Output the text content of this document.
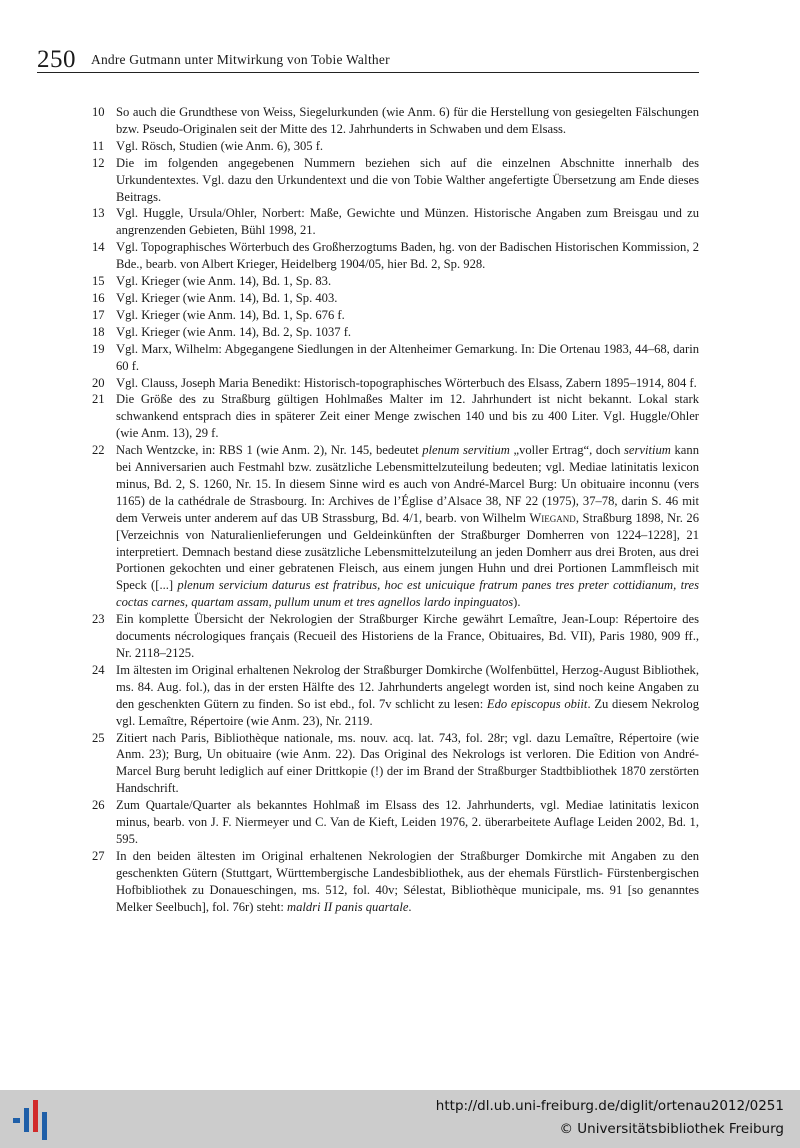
250 Andre Gutmann unter Mitwirkung von Tobie Walther
10 So auch die Grundthese von Weiss, Siegelurkunden (wie Anm. 6) für die Herstellung von gesiegelten Fälschungen bzw. Pseudo-Originalen seit der Mitte des 12. Jahrhunderts in Schwaben und dem Elsass.
11 Vgl. Rösch, Studien (wie Anm. 6), 305 f.
12 Die im folgenden angegebenen Nummern beziehen sich auf die einzelnen Abschnitte innerhalb des Urkundentextes. Vgl. dazu den Urkundentext und die von Tobie Walther angefertigte Übersetzung am Ende dieses Beitrags.
13 Vgl. Huggle, Ursula/Ohler, Norbert: Maße, Gewichte und Münzen. Historische Angaben zum Breisgau und zu angrenzenden Gebieten, Bühl 1998, 21.
14 Vgl. Topographisches Wörterbuch des Großherzogtums Baden, hg. von der Badischen Historischen Kommission, 2 Bde., bearb. von Albert Krieger, Heidelberg 1904/05, hier Bd. 2, Sp. 928.
15 Vgl. Krieger (wie Anm. 14), Bd. 1, Sp. 83.
16 Vgl. Krieger (wie Anm. 14), Bd. 1, Sp. 403.
17 Vgl. Krieger (wie Anm. 14), Bd. 1, Sp. 676 f.
18 Vgl. Krieger (wie Anm. 14), Bd. 2, Sp. 1037 f.
19 Vgl. Marx, Wilhelm: Abgegangene Siedlungen in der Altenheimer Gemarkung. In: Die Ortenau 1983, 44–68, darin 60 f.
20 Vgl. Clauss, Joseph Maria Benedikt: Historisch-topographisches Wörterbuch des Elsass, Zabern 1895–1914, 804 f.
21 Die Größe des zu Straßburg gültigen Hohlmaßes Malter im 12. Jahrhundert ist nicht bekannt. Lokal stark schwankend entsprach dies in späterer Zeit einer Menge zwischen 140 und bis zu 400 Liter. Vgl. Huggle/Ohler (wie Anm. 13), 29 f.
22 Nach Wentzcke, in: RBS 1 (wie Anm. 2), Nr. 145, bedeutet plenum servitium „voller Ertrag“, doch servitium kann bei Anniversarien auch Festmahl bzw. zusätzliche Lebensmittelzuteilung bedeuten; vgl. Mediae latinitatis lexicon minus, Bd. 2, S. 1260, Nr. 15. In diesem Sinne wird es auch von André-Marcel Burg: Un obituaire inconnu (vers 1165) de la cathédrale de Strasbourg. In: Archives de l’Église d’Alsace 38, NF 22 (1975), 37–78, darin S. 46 mit dem Verweis unter anderem auf das UB Strassburg, Bd. 4/1, bearb. von Wilhelm Wiegand, Straßburg 1898, Nr. 26 [Verzeichnis von Naturalienlieferungen und Geldeinkünften der Straßburger Domherren von 1224–1228], 21 interpretiert. Demnach bestand diese zusätzliche Lebensmittelzuteilung an jeden Domherr aus drei Broten, aus drei Portionen gekochten und einer gebratenen Fleisch, aus einem jungen Huhn und drei Portionen Lammfleisch mit Speck ([...] plenum servicium daturus est fratribus, hoc est unicuique fratrum panes tres preter cottidianum, tres coctas carnes, quartam assam, pullum unum et tres agnellos lardo inpinguatos).
23 Ein komplette Übersicht der Nekrologien der Straßburger Kirche gewährt Lemaître, Jean-Loup: Répertoire des documents nécrologiques français (Recueil des Historiens de la France, Obituaires, Bd. VII), Paris 1980, 909 ff., Nr. 2118–2125.
24 Im ältesten im Original erhaltenen Nekrolog der Straßburger Domkirche (Wolfenbüttel, Herzog-August Bibliothek, ms. 84. Aug. fol.), das in der ersten Hälfte des 12. Jahrhunderts angelegt worden ist, sind noch keine Angaben zu den geschenkten Gütern zu finden. So ist ebd., fol. 7v schlicht zu lesen: Edo episcopus obiit. Zu diesem Nekrolog vgl. Lemaître, Répertoire (wie Anm. 23), Nr. 2119.
25 Zitiert nach Paris, Bibliothèque nationale, ms. nouv. acq. lat. 743, fol. 28r; vgl. dazu Lemaître, Répertoire (wie Anm. 23); Burg, Un obituaire (wie Anm. 22). Das Original des Nekrologs ist verloren. Die Edition von André-Marcel Burg beruht lediglich auf einer Drittkopie (!) der im Brand der Straßburger Stadtbibliothek 1870 zerstörten Handschrift.
26 Zum Quartale/Quarter als bekanntes Hohlmaß im Elsass des 12. Jahrhunderts, vgl. Mediae latinitatis lexicon minus, bearb. von J. F. Niermeyer und C. Van de Kieft, Leiden 1976, 2. überarbeitete Auflage Leiden 2002, Bd. 1, 595.
27 In den beiden ältesten im Original erhaltenen Nekrologien der Straßburger Domkirche mit Angaben zu den geschenkten Gütern (Stuttgart, Württembergische Landesbibliothek, aus der ehemals Fürstlich- Fürstenbergischen Hofbibliothek zu Donaueschingen, ms. 512, fol. 40v; Sélestat, Bibliothèque municipale, ms. 91 [so genanntes Melker Seelbuch], fol. 76r) steht: maldri II panis quartale.
http://dl.ub.uni-freiburg.de/diglit/ortenau2012/0251
© Universitätsbibliothek Freiburg
